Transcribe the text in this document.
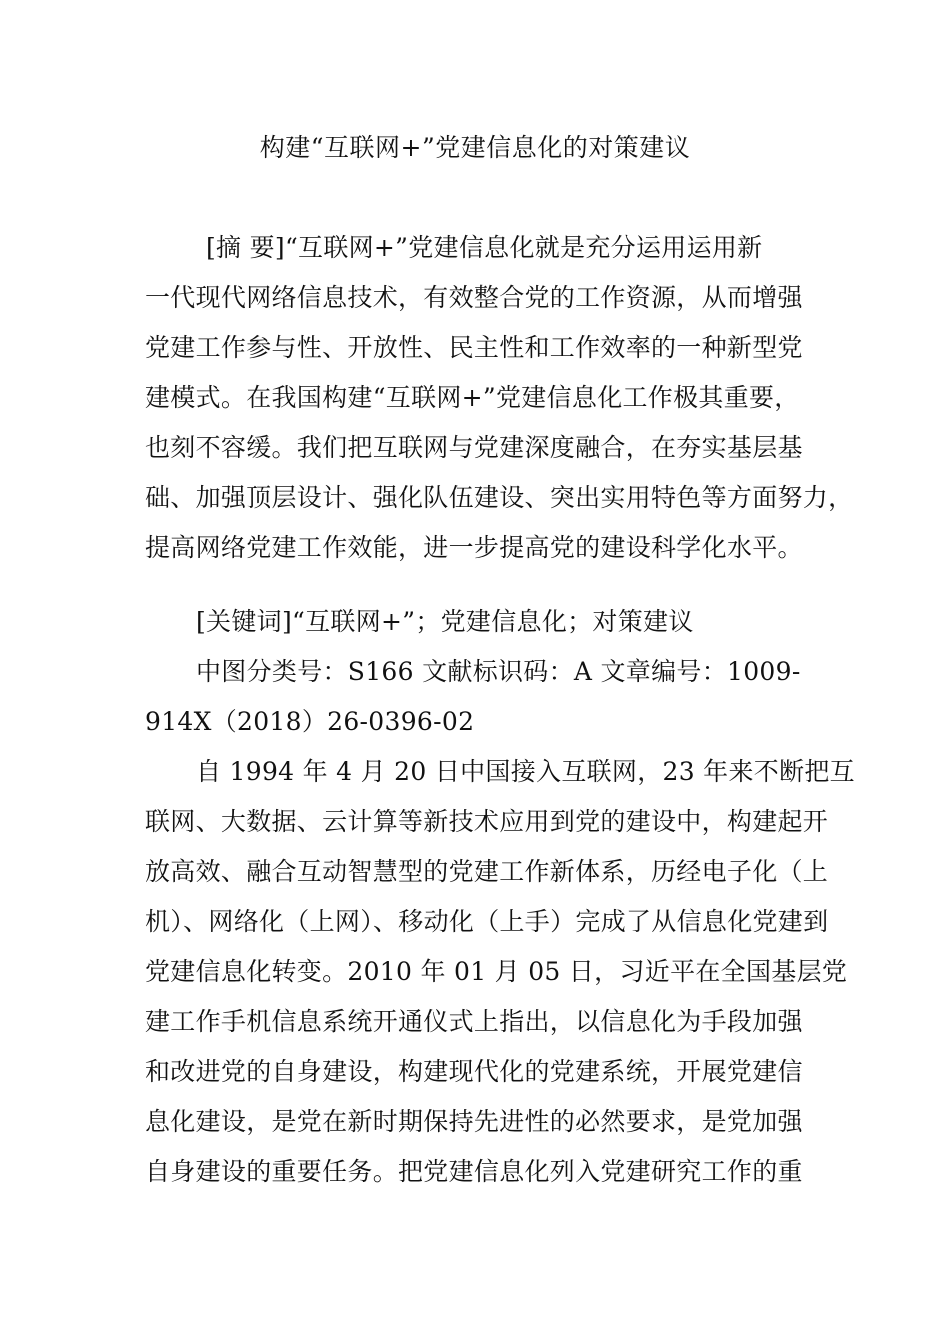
构建“互联网+”党建信息化的对策建议
[摘 要]“互联网+”党建信息化就是充分运用运用新
一代现代网络信息技术，有效整合党的工作资源，从而增强
党建工作参与性、开放性、民主性和工作效率的一种新型党
建模式。在我国构建“互联网+”党建信息化工作极其重要，
也刻不容缓。我们把互联网与党建深度融合，在夯实基层基
础、加强顶层设计、强化队伍建设、突出实用特色等方面努力，
提高网络党建工作效能，进一步提高党的建设科学化水平。
[关键词]“互联网+”；党建信息化；对策建议
中图分类号：S166 文献标识码：A 文章编号：1009-
914X（2018）26-0396-02
自 1994 年 4 月 20 日中国接入互联网，23 年来不断把互
联网、大数据、云计算等新技术应用到党的建设中，构建起开
放高效、融合互动智慧型的党建工作新体系，历经电子化（上
机）、网络化（上网）、移动化（上手）完成了从信息化党建到
党建信息化转变。2010 年 01 月 05 日，习近平在全国基层党
建工作手机信息系统开通仪式上指出，以信息化为手段加强
和改进党的自身建设，构建现代化的党建系统，开展党建信
息化建设，是党在新时期保持先进性的必然要求，是党加强
自身建设的重要任务。把党建信息化列入党建研究工作的重
